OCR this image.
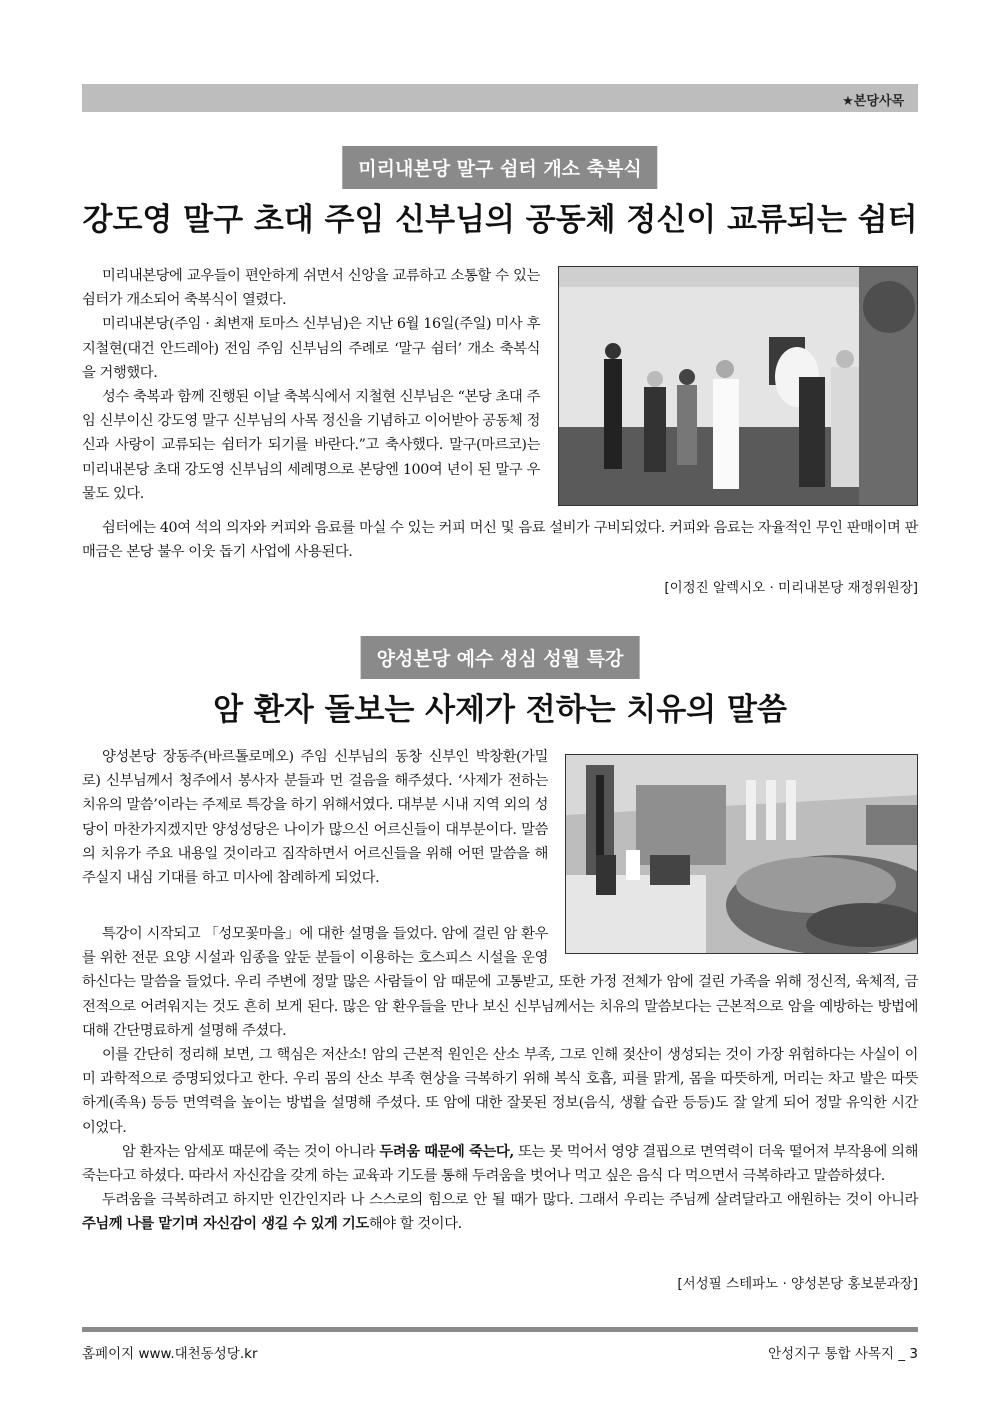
★본당사목
미리내본당 말구 쉼터 개소 축복식
강도영 말구 초대 주임 신부님의 공동체 정신이 교류되는 쉼터

미리내본당에 교우들이 편안하게 쉬면서 신앙을 교류하고 소통할 수 있는 쉼터가 개소되어 축복식이 열렸다.

미리내본당(주임 · 최변재 토마스 신부님)은 지난 6월 16일(주일) 미사 후 지철현(대건 안드레아) 전임 주임 신부님의 주례로 ‘말구 쉼터’ 개소 축복식을 거행했다.

성수 축복과 함께 진행된 이날 축복식에서 지철현 신부님은 “본당 초대 주임 신부이신 강도영 말구 신부님의 사목 정신을 기념하고 이어받아 공동체 정신과 사랑이 교류되는 쉼터가 되기를 바란다.”고 축사했다. 말구(마르코)는 미리내본당 초대 강도영 신부님의 세례명으로 본당엔 100여 년이 된 말구 우물도 있다.

쉼터에는 40여 석의 의자와 커피와 음료를 마실 수 있는 커피 머신 및 음료 설비가 구비되었다. 커피와 음료는 자율적인 무인 판매이며 판매금은 본당 불우 이웃 돕기 사업에 사용된다.

[이정진 알렉시오 · 미리내본당 재정위원장]
양성본당 예수 성심 성월 특강
암 환자 돌보는 사제가 전하는 치유의 말씀

양성본당 장동주(바르톨로메오) 주임 신부님의 동창 신부인 박창환(가밀로) 신부님께서 청주에서 봉사자 분들과 먼 걸음을 해주셨다. ‘사제가 전하는 치유의 말씀’이라는 주제로 특강을 하기 위해서였다. 대부분 시내 지역 외의 성당이 마찬가지겠지만 양성성당은 나이가 많으신 어르신들이 대부분이다. 말씀의 치유가 주요 내용일 것이라고 짐작하면서 어르신들을 위해 어떤 말씀을 해주실지 내심 기대를 하고 미사에 참례하게 되었다.

특강이 시작되고 「성모꽃마을」에 대한 설명을 들었다. 암에 걸린 암 환우를 위한 전문 요양 시설과 임종을 앞둔 분들이 이용하는 호스피스 시설을 운영하신다는 말씀을 들었다. 우리 주변에 정말 많은 사람들이 암 때문에 고통받고, 또한 가정 전체가 암에 걸린 가족을 위해 정신적, 육체적, 금전적으로 어려워지는 것도 흔히 보게 된다. 많은 암 환우들을 만나 보신 신부님께서는 치유의 말씀보다는 근본적으로 암을 예방하는 방법에 대해 간단명료하게 설명해 주셨다.

이를 간단히 정리해 보면, 그 핵심은 저산소! 암의 근본적 원인은 산소 부족, 그로 인해 젖산이 생성되는 것이 가장 위험하다는 사실이 이미 과학적으로 증명되었다고 한다. 우리 몸의 산소 부족 현상을 극복하기 위해 복식 호흡, 피를 맑게, 몸을 따뜻하게, 머리는 차고 발은 따뜻하게(족욕) 등등 면역력을 높이는 방법을 설명해 주셨다. 또 암에 대한 잘못된 정보(음식, 생활 습관 등등)도 잘 알게 되어 정말 유익한 시간이었다.

암 환자는 암세포 때문에 죽는 것이 아니라 두려움 때문에 죽는다, 또는 못 먹어서 영양 결핍으로 면역력이 더욱 떨어져 부작용에 의해 죽는다고 하셨다. 따라서 자신감을 갖게 하는 교육과 기도를 통해 두려움을 벗어나 먹고 싶은 음식 다 먹으면서 극복하라고 말씀하셨다.

두려움을 극복하려고 하지만 인간인지라 나 스스로의 힘으로 안 될 때가 많다. 그래서 우리는 주님께 살려달라고 애원하는 것이 아니라 주님께 나를 맡기며 자신감이 생길 수 있게 기도해야 할 것이다.

[서성필 스테파노 · 양성본당 홍보분과장]
홈페이지 www.대천동성당.kr	안성지구 통합 사목지 _ 3
